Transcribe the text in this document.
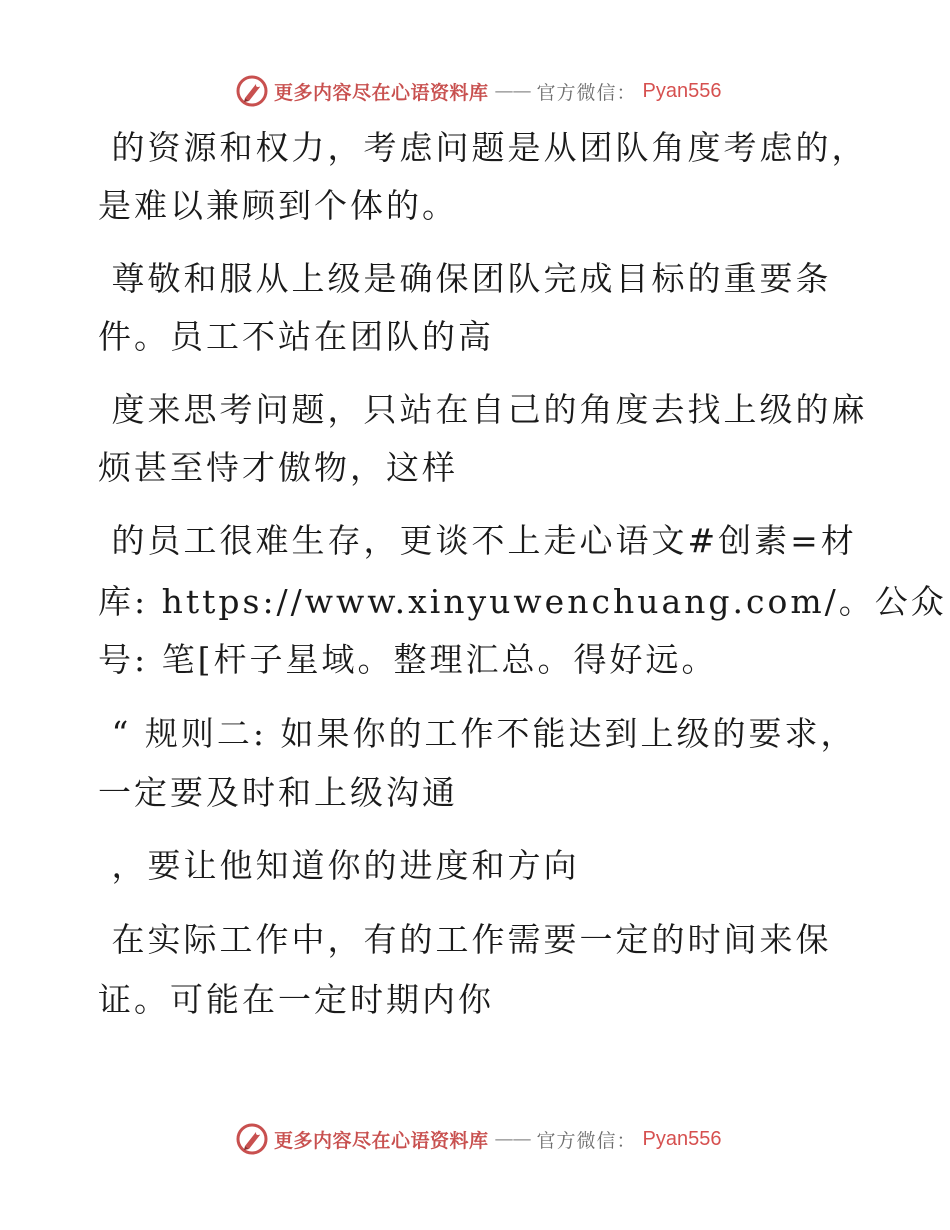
更多内容尽在心语资料库 —— 官方微信： Pyan556
的资源和权力，考虑问题是从团队角度考虑的，
是难以兼顾到个体的。
尊敬和服从上级是确保团队完成目标的重要条
件。员工不站在团队的高
度来思考问题，只站在自己的角度去找上级的麻
烦甚至恃才傲物，这样
的员工很难生存，更谈不上走心语文#创素=材
库: https://www.xinyuwenchuang.com/。公众
号: 笔[杆子星域。整理汇总。得好远。
“ 规则二: 如果你的工作不能达到上级的要求，
一定要及时和上级沟通
，要让他知道你的进度和方向
在实际工作中，有的工作需要一定的时间来保
证。可能在一定时期内你
更多内容尽在心语资料库 —— 官方微信： Pyan556
